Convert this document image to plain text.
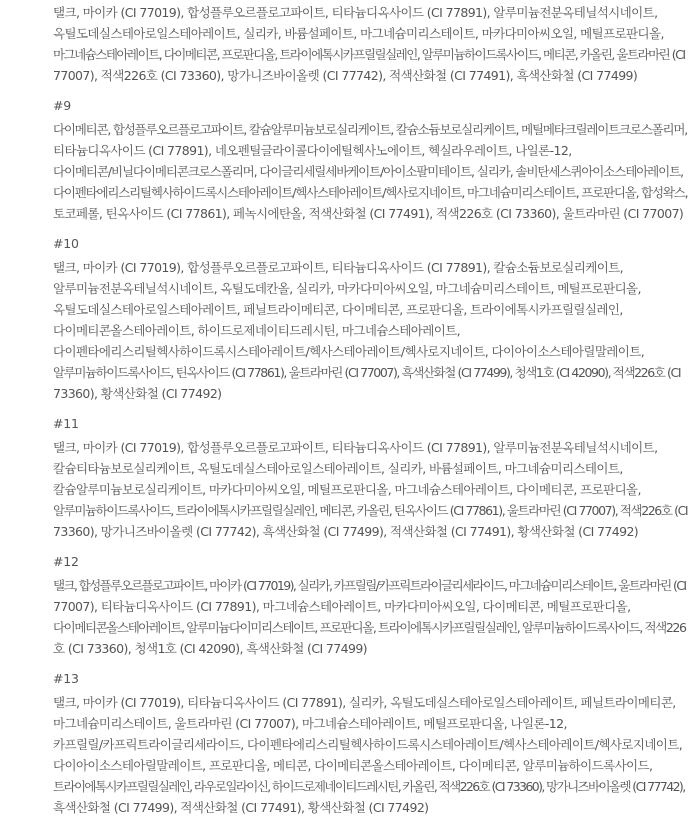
탤크, 마이카 (CI 77019), 합성플루오르플로고파이트, 티타늄디옥사이드 (CI 77891), 알루미늄전분옥테닐석시네이트,
옥틸도데실스테아로일스테아레이트, 실리카, 바륨설페이트, 마그네슘미리스테이트, 마카다미아씨오일, 메틸프로판디올,
마그네슘스테아레이트, 다이메티콘, 프로판디올, 트라이에톡시카프릴릴실레인, 알루미늄하이드록사이드, 메티콘, 카올린, 울트라마린 (CI
77007), 적색226호 (CI 73360), 망가니즈바이올렛 (CI 77742), 적색산화철 (CI 77491), 흑색산화철 (CI 77499)

#9

다이메티콘, 합성플루오르플로고파이트, 칼슘알루미늄보로실리케이트, 칼슘소듐보로실리케이트, 메틸메타크릴레이트크로스폴리머,
티타늄디옥사이드 (CI 77891), 네오펜틸글라이콜다이에틸헥사노에이트, 헥실라우레이트, 나일론-12,
다이메티콘/비닐다이메티콘크로스폴리머, 다이글리세릴세바케이트/아이소팔미테이트, 실리카, 솔비탄세스퀴아이소스테아레이트,
다이펜타에리스리틸헥사하이드록시스테아레이트/헥사스테아레이트/헥사로지네이트, 마그네슘미리스테이트, 프로판디올, 합성왁스,
토코페롤, 틴옥사이드 (CI 77861), 페녹시에탄올, 적색산화철 (CI 77491), 적색226호 (CI 73360), 울트라마린 (CI 77007)

#10

탤크, 마이카 (CI 77019), 합성플루오르플로고파이트, 티타늄디옥사이드 (CI 77891), 칼슘소듐보로실리케이트,
알루미늄전분옥테닐석시네이트, 옥틸도데칸올, 실리카, 마카다미아씨오일, 마그네슘미리스테이트, 메틸프로판디올,
옥틸도데실스테아로일스테아레이트, 페닐트라이메티콘, 다이메티콘, 프로판디올, 트라이에톡시카프릴릴실레인,
다이메티콘올스테아레이트, 하이드로제네이티드레시틴, 마그네슘스테아레이트,
다이펜타에리스리틸헥사하이드록시스테아레이트/헥사스테아레이트/헥사로지네이트, 다이아이소스테아릴말레이트,
알루미늄하이드록사이드, 틴옥사이드 (CI 77861), 울트라마린 (CI 77007), 흑색산화철 (CI 77499), 청색1호 (CI 42090), 적색226호 (CI
73360), 황색산화철 (CI 77492)

#11

탤크, 마이카 (CI 77019), 합성플루오르플로고파이트, 티타늄디옥사이드 (CI 77891), 알루미늄전분옥테닐석시네이트,
칼슘티타늄보로실리케이트, 옥틸도데실스테아로일스테아레이트, 실리카, 바륨설페이트, 마그네슘미리스테이트,
칼슘알루미늄보로실리케이트, 마카다미아씨오일, 메틸프로판디올, 마그네슘스테아레이트, 다이메티콘, 프로판디올,
알루미늄하이드록사이드, 트라이에톡시카프릴릴실레인, 메티콘, 카올린, 틴옥사이드 (CI 77861), 울트라마린 (CI 77007), 적색226호 (CI
73360), 망가니즈바이올렛 (CI 77742), 흑색산화철 (CI 77499), 적색산화철 (CI 77491), 황색산화철 (CI 77492)

#12

탤크, 합성플루오르플로고파이트, 마이카 (CI 77019), 실리카, 카프릴릴/카프릭트라이글리세라이드, 마그네슘미리스테이트, 울트라마린 (CI
77007), 티타늄디옥사이드 (CI 77891), 마그네슘스테아레이트, 마카다미아씨오일, 다이메티콘, 메틸프로판디올,
다이메티콘올스테아레이트, 알루미늄다이미리스테이트, 프로판디올, 트라이에톡시카프릴릴실레인, 알루미늄하이드록사이드, 적색226
호 (CI 73360), 청색1호 (CI 42090), 흑색산화철 (CI 77499)

#13

탤크, 마이카 (CI 77019), 티타늄디옥사이드 (CI 77891), 실리카, 옥틸도데실스테아로일스테아레이트, 페닐트라이메티콘,
마그네슘미리스테이트, 울트라마린 (CI 77007), 마그네슘스테아레이트, 메틸프로판디올, 나일론-12,
카프릴릴/카프릭트라이글리세라이드, 다이펜타에리스리틸헥사하이드록시스테아레이트/헥사스테아레이트/헥사로지네이트,
다이아이소스테아릴말레이트, 프로판디올, 메티콘, 다이메티콘올스테아레이트, 다이메티콘, 알루미늄하이드록사이드,
트라이에톡시카프릴릴실레인, 라우로일라이신, 하이드로제네이티드레시틴, 카올린, 적색226호 (CI 73360), 망가니즈바이올렛 (CI 77742),
흑색산화철 (CI 77499), 적색산화철 (CI 77491), 황색산화철 (CI 77492)
